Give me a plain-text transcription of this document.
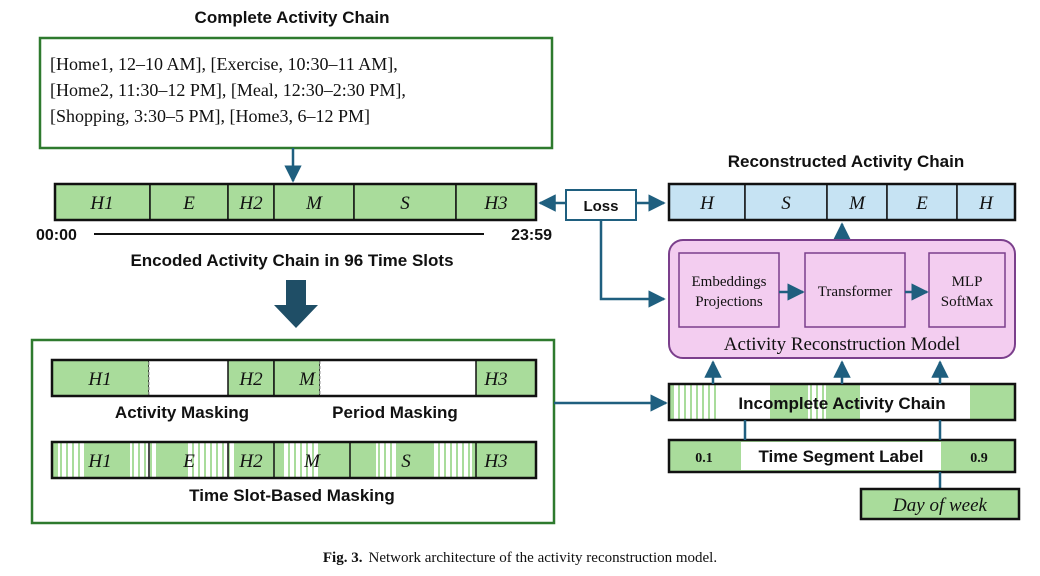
Complete Activity Chain
[Home1, 12–10 AM], [Exercise, 10:30–11 AM],
[Home2, 11:30–12 PM], [Meal, 12:30–2:30 PM],
[Shopping, 3:30–5 PM], [Home3, 6–12 PM]
H1	E H2 M	S	H3
00:00	23:59
Encoded Activity Chain in 96 Time Slots
H1	H2 M	H3
Activity Masking	Period Masking
H1	E H2 M	S	H3
Time Slot-Based Masking
Loss
Reconstructed Activity Chain
H	S	M	E	H
Embeddings
Projections
Transformer
MLP
SoftMax
Activity Reconstruction Model
Incomplete Activity Chain
0.1	Time Segment Label	0.9
Day of week
Fig. 3. Network architecture of the activity reconstruction model.
